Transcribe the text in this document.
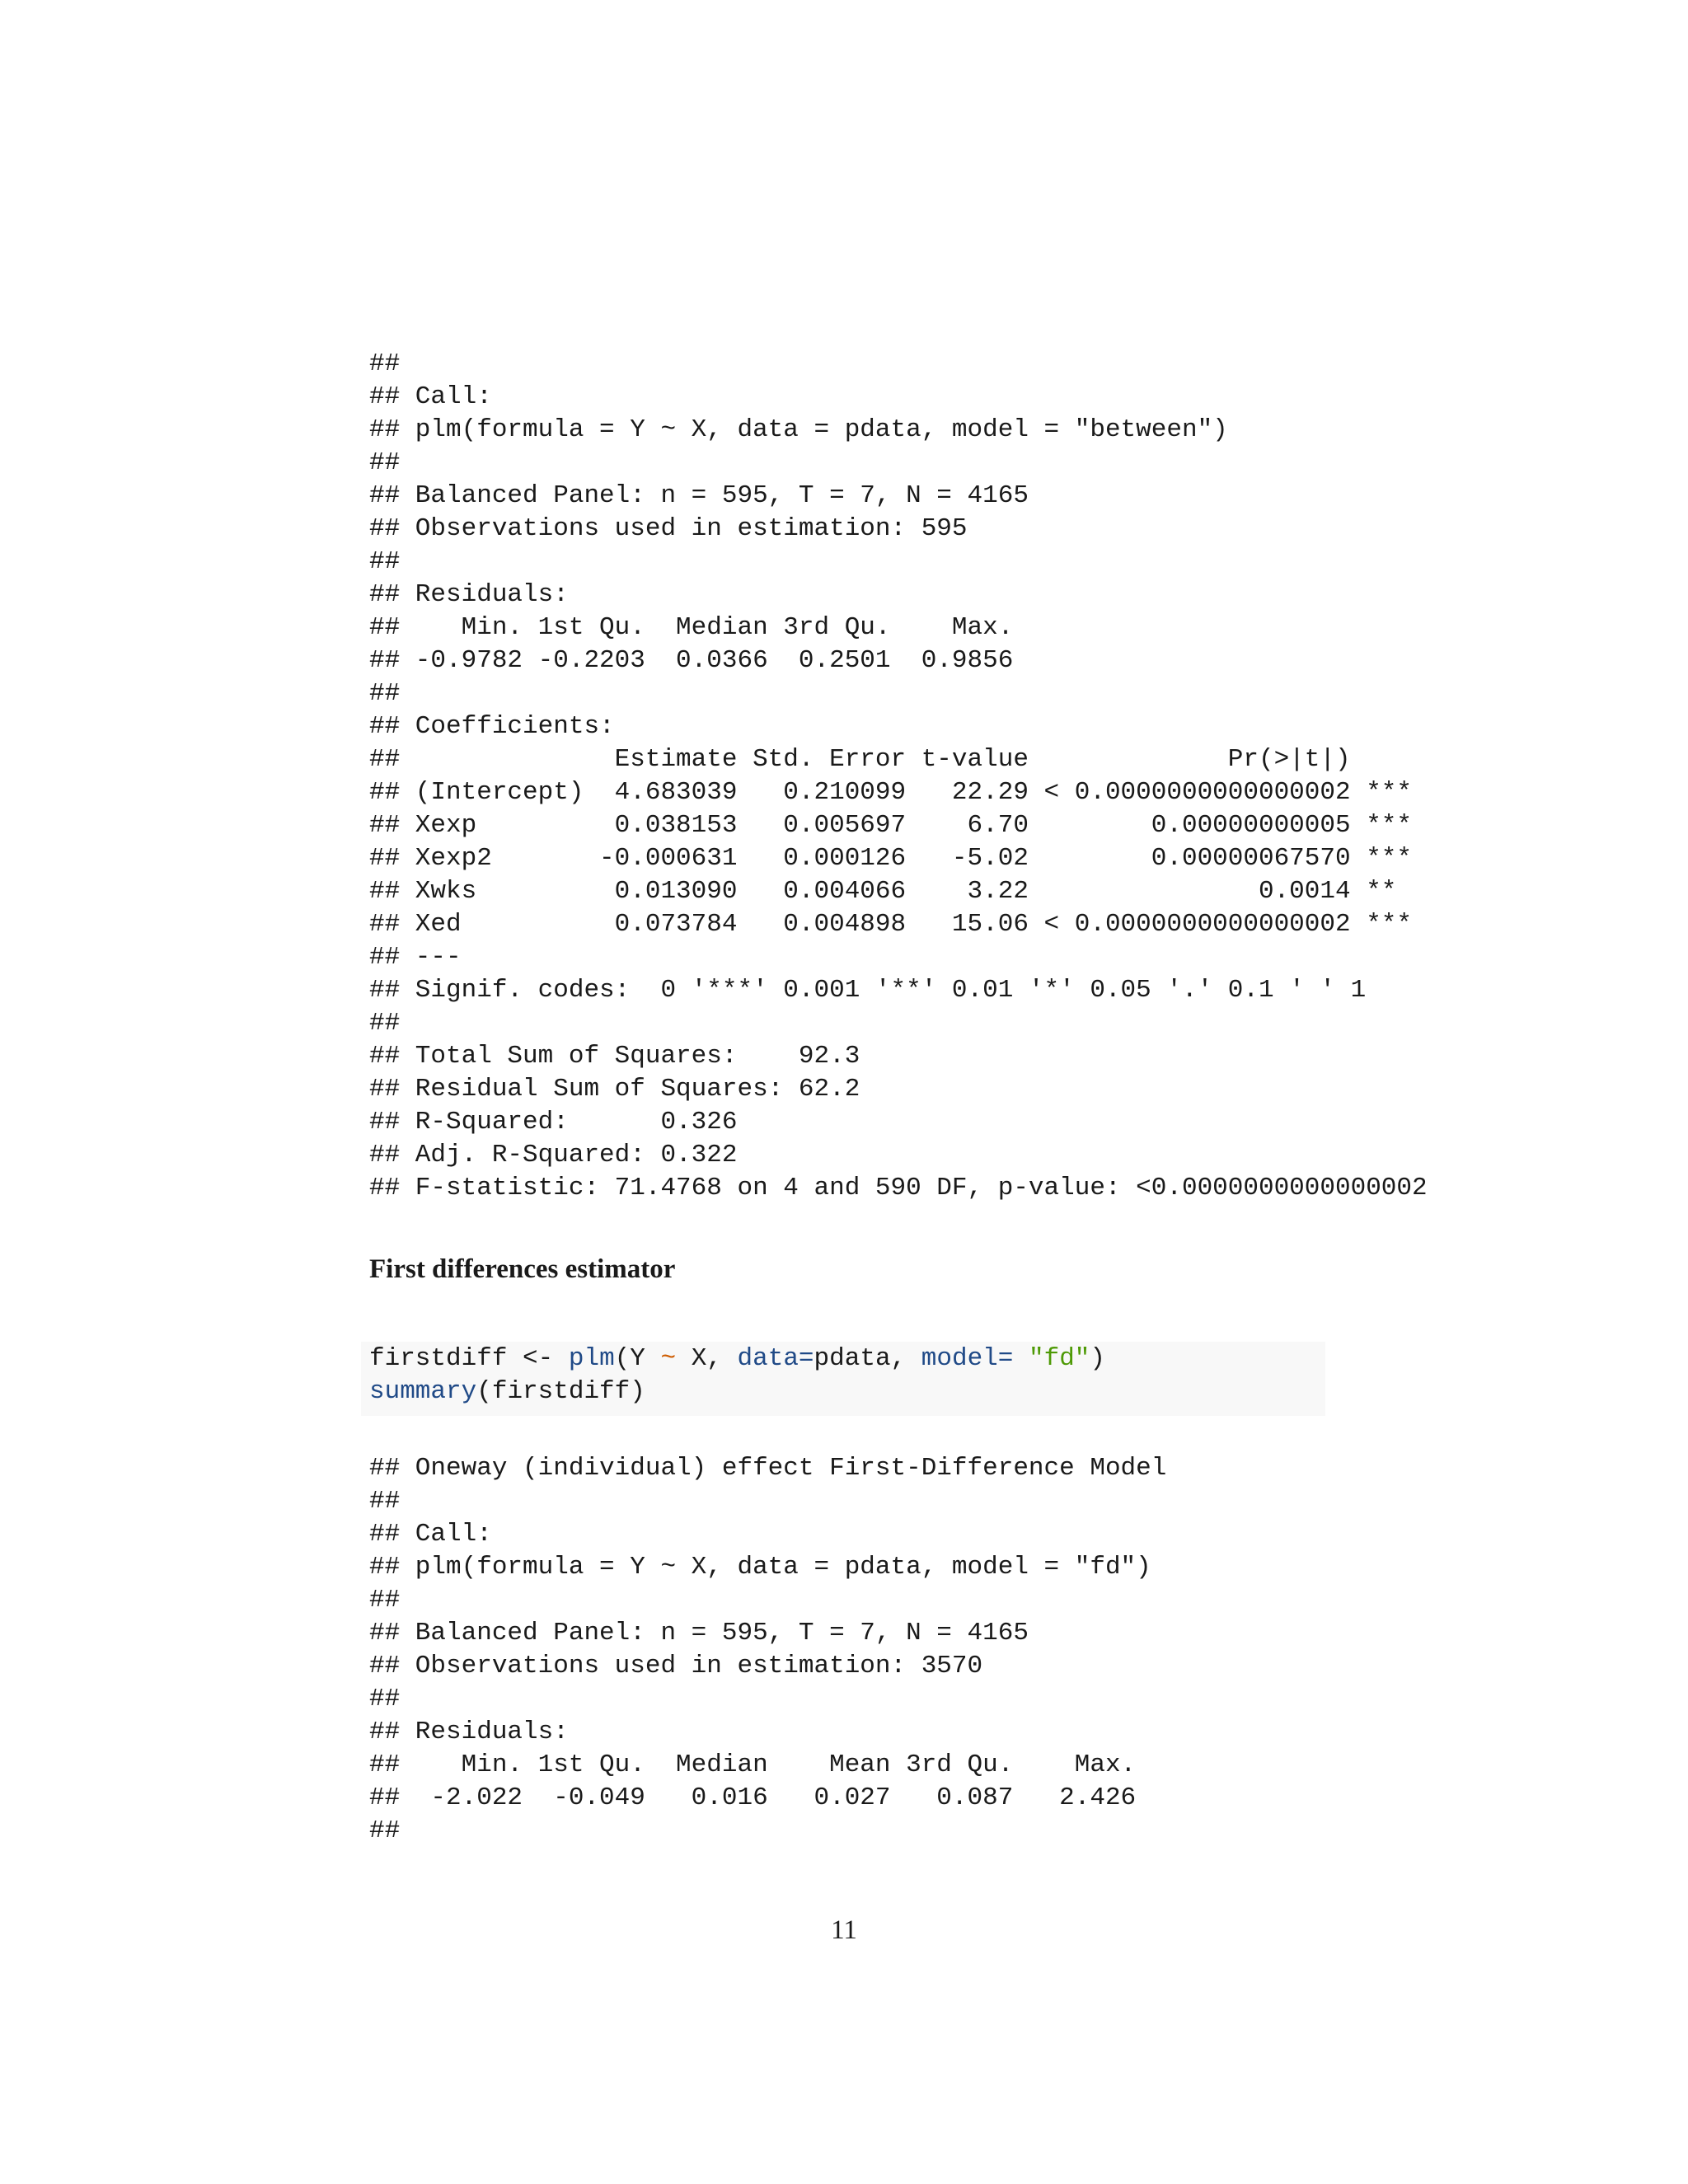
##
## Call:
## plm(formula = Y ~ X, data = pdata, model = "between")
##
## Balanced Panel: n = 595, T = 7, N = 4165
## Observations used in estimation: 595
##
## Residuals:
##    Min. 1st Qu.  Median 3rd Qu.    Max.
## -0.9782 -0.2203  0.0366  0.2501  0.9856
##
## Coefficients:
##              Estimate Std. Error t-value             Pr(>|t|)
## (Intercept)  4.683039   0.210099   22.29 < 0.0000000000000002 ***
## Xexp         0.038153   0.005697    6.70        0.00000000005 ***
## Xexp2       -0.000631   0.000126   -5.02        0.00000067570 ***
## Xwks         0.013090   0.004066    3.22               0.0014 **
## Xed          0.073784   0.004898   15.06 < 0.0000000000000002 ***
## ---
## Signif. codes:  0 '***' 0.001 '**' 0.01 '*' 0.05 '.' 0.1 ' ' 1
##
## Total Sum of Squares:    92.3
## Residual Sum of Squares: 62.2
## R-Squared:      0.326
## Adj. R-Squared: 0.322
## F-statistic: 71.4768 on 4 and 590 DF, p-value: <0.0000000000000002
First differences estimator
firstdiff <- plm(Y ~ X, data=pdata, model= "fd")
summary(firstdiff)
## Oneway (individual) effect First-Difference Model
##
## Call:
## plm(formula = Y ~ X, data = pdata, model = "fd")
##
## Balanced Panel: n = 595, T = 7, N = 4165
## Observations used in estimation: 3570
##
## Residuals:
##    Min. 1st Qu.  Median    Mean 3rd Qu.    Max.
##  -2.022  -0.049   0.016   0.027   0.087   2.426
##
11
